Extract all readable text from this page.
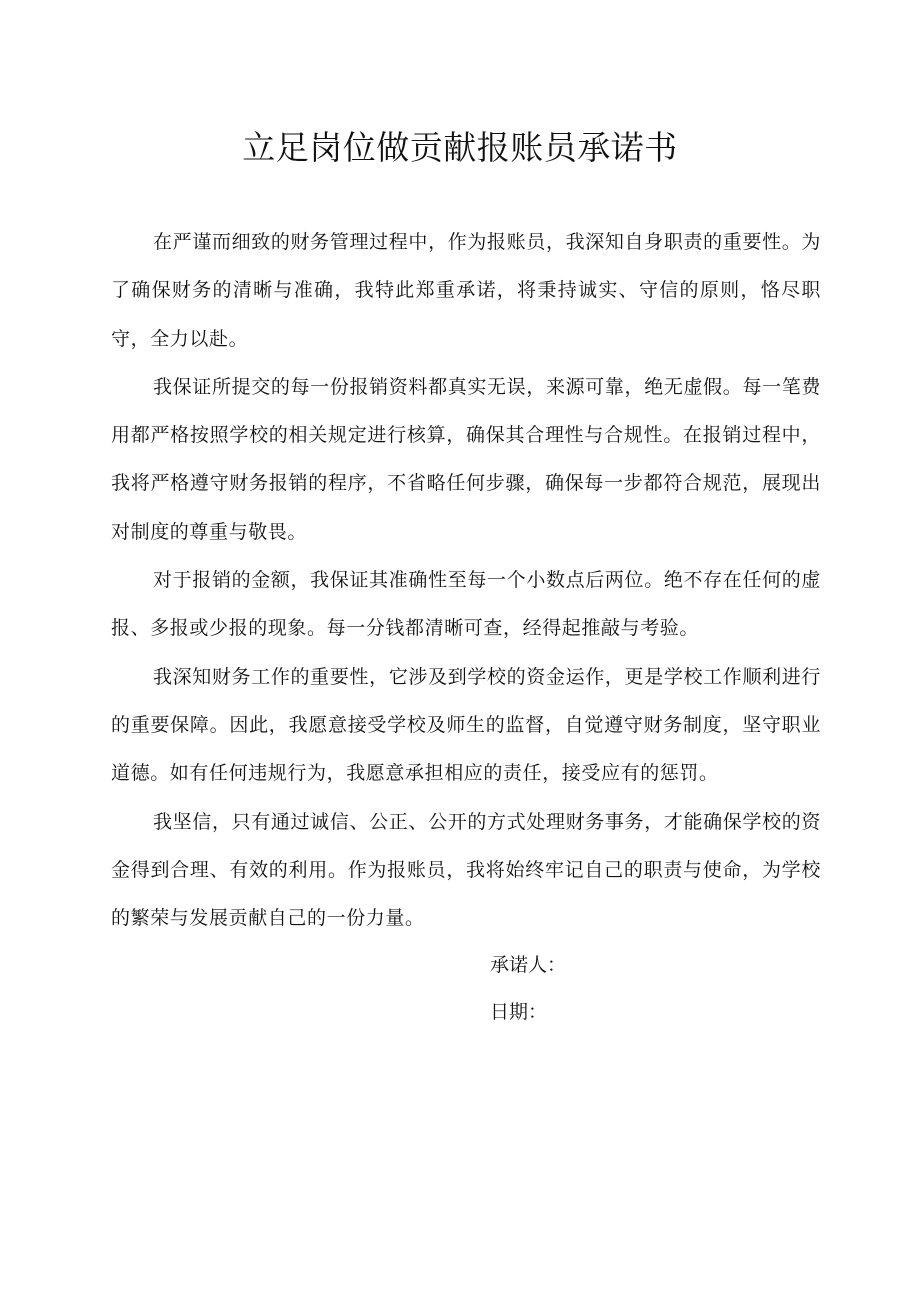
立足岗位做贡献报账员承诺书

在严谨而细致的财务管理过程中，作为报账员，我深知自身职责的重要性。为了确保财务的清晰与准确，我特此郑重承诺，将秉持诚实、守信的原则，恪尽职守，全力以赴。

我保证所提交的每一份报销资料都真实无误，来源可靠，绝无虚假。每一笔费用都严格按照学校的相关规定进行核算，确保其合理性与合规性。在报销过程中，我将严格遵守财务报销的程序，不省略任何步骤，确保每一步都符合规范，展现出对制度的尊重与敬畏。

对于报销的金额，我保证其准确性至每一个小数点后两位。绝不存在任何的虚报、多报或少报的现象。每一分钱都清晰可查，经得起推敲与考验。

我深知财务工作的重要性，它涉及到学校的资金运作，更是学校工作顺利进行的重要保障。因此，我愿意接受学校及师生的监督，自觉遵守财务制度，坚守职业道德。如有任何违规行为，我愿意承担相应的责任，接受应有的惩罚。

我坚信，只有通过诚信、公正、公开的方式处理财务事务，才能确保学校的资金得到合理、有效的利用。作为报账员，我将始终牢记自己的职责与使命，为学校的繁荣与发展贡献自己的一份力量。

承诺人：
日期：
